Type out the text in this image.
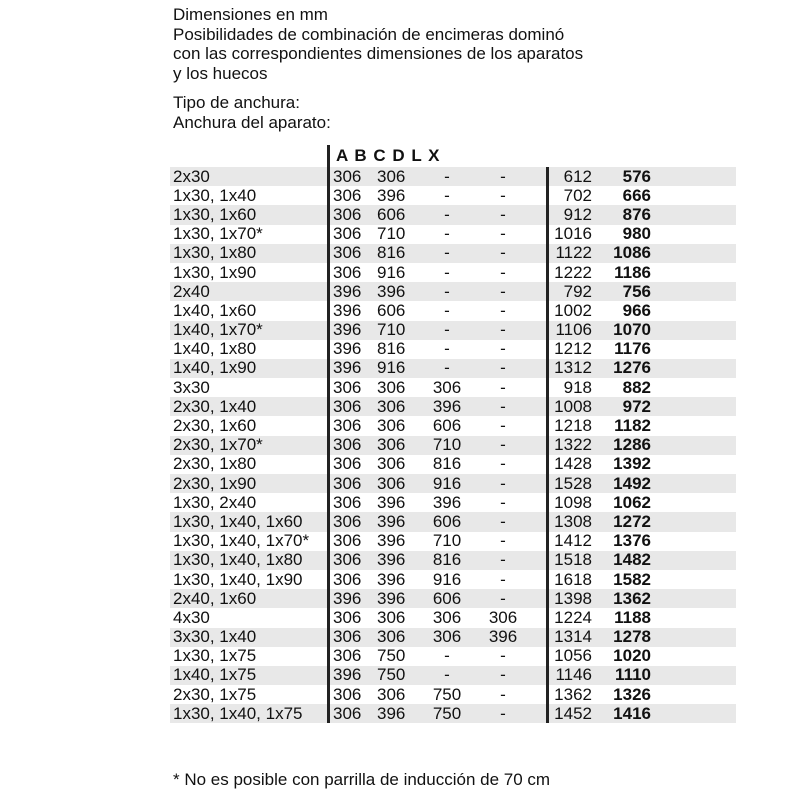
Dimensiones en mm
Posibilidades de combinación de encimeras dominó
con las correspondientes dimensiones de los aparatos
y los huecos
Tipo de anchura:
Anchura del aparato:
A B C D L X
2x30	306 306	-	-	612	576
1x30, 1x40	306 396	-	-	702	666
1x30, 1x60	306 606	-	-	912	876
1x30, 1x70*	306 710	-	-	1016	980
1x30, 1x80	306 816	-	-	1122	1086
1x30, 1x90	306 916	-	-	1222	1186
2x40	396 396	-	-	792	756
1x40, 1x60	396 606	-	-	1002	966
1x40, 1x70*	396 710	-	-	1106	1070
1x40, 1x80	396 816	-	-	1212	1176
1x40, 1x90	396 916	-	-	1312	1276
3x30	306 306	306	-	918	882
2x30, 1x40	306 306	396	-	1008	972
2x30, 1x60	306 306	606	-	1218	1182
2x30, 1x70*	306 306	710	-	1322	1286
2x30, 1x80	306 306	816	-	1428	1392
2x30, 1x90	306 306	916	-	1528	1492
1x30, 2x40	306 396	396	-	1098	1062
1x30, 1x40, 1x60	306 396	606	-	1308	1272
1x30, 1x40, 1x70*	306 396	710	-	1412	1376
1x30, 1x40, 1x80	306 396	816	-	1518	1482
1x30, 1x40, 1x90	306 396	916	-	1618	1582
2x40, 1x60	396 396	606	-	1398	1362
4x30	306 306	306	306	1224	1188
3x30, 1x40	306 306	306	396	1314	1278
1x30, 1x75	306 750	-	-	1056	1020
1x40, 1x75	396 750	-	-	1146	1110
2x30, 1x75	306 306	750	-	1362	1326
1x30, 1x40, 1x75	306 396	750	-	1452	1416
* No es posible con parrilla de inducción de 70 cm
